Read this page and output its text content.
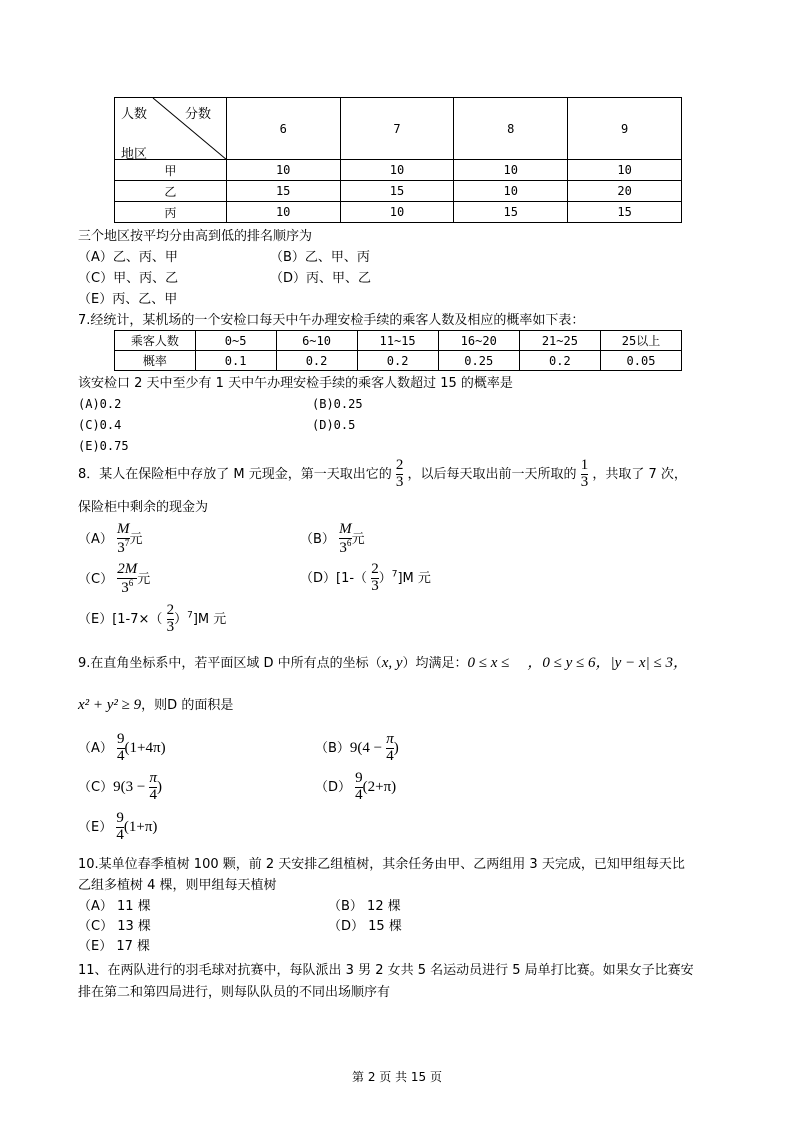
人数 分数
地区	6	7	8	9
甲	10	10	10	10
乙	15	15	10	20
丙	10	10	15	15
三个地区按平均分由高到低的排名顺序为
（A）乙、丙、甲	（B）乙、甲、丙
（C）甲、丙、乙	（D）丙、甲、乙
（E）丙、乙、甲
7.经统计，某机场的一个安检口每天中午办理安检手续的乘客人数及相应的概率如下表：
乘客人数	0~5	6~10	11~15	16~20	21~25	25以上
概率	0.1	0.2	0.2	0.25	0.2	0.05
该安检口 2 天中至少有 1 天中午办理安检手续的乘客人数超过 15 的概率是
(A)0.2	(B)0.25
(C)0.4	(D)0.5
(E)0.75
8．某人在保险柜中存放了 M 元现金，第一天取出它的 $\frac{2}{3}$ ，以后每天取出前一天所取的 $\frac{1}{3}$ ，共取了 7 次，
保险柜中剩余的现金为
$(A) \frac{M}{3^7}$ 元	$(B) \frac{M}{3^6}$ 元
$(C) \frac{2M}{3^6}$ 元	$(D)[1-( \frac{2}{3} )^7]M$ 元
$(E)[1-7\times( \frac{2}{3} )^7]M$ 元
9.在直角坐标系中，若平面区域 D 中所有点的坐标（x, y）均满足：0 ≤ x ≤ ，0 ≤ y ≤ 6，|y − x| ≤ 3，
x² + y² ≥ 9，则D 的面积是
$(A) \frac{9}{4} (1+4\pi)$	$(B)9(4 - \frac{\pi}{4}$ )
$(C)9(3 - \frac{\pi}{4}$ )	$(D) \frac{9}{4} (2+\pi)$
$(E) \frac{9}{4} (1+\pi)$
10.某单位春季植树 100 颗，前 2 天安排乙组植树，其余任务由甲、乙两组用 3 天完成，已知甲组每天比
乙组多植树 4 棵，则甲组每天植树
（A） 11 棵	（B） 12 棵
（C） 13 棵	（D） 15 棵
（E） 17 棵
11、在两队进行的羽毛球对抗赛中，每队派出 3 男 2 女共 5 名运动员进行 5 局单打比赛。如果女子比赛安
排在第二和第四局进行，则每队队员的不同出场顺序有
第 2 页 共 15 页
